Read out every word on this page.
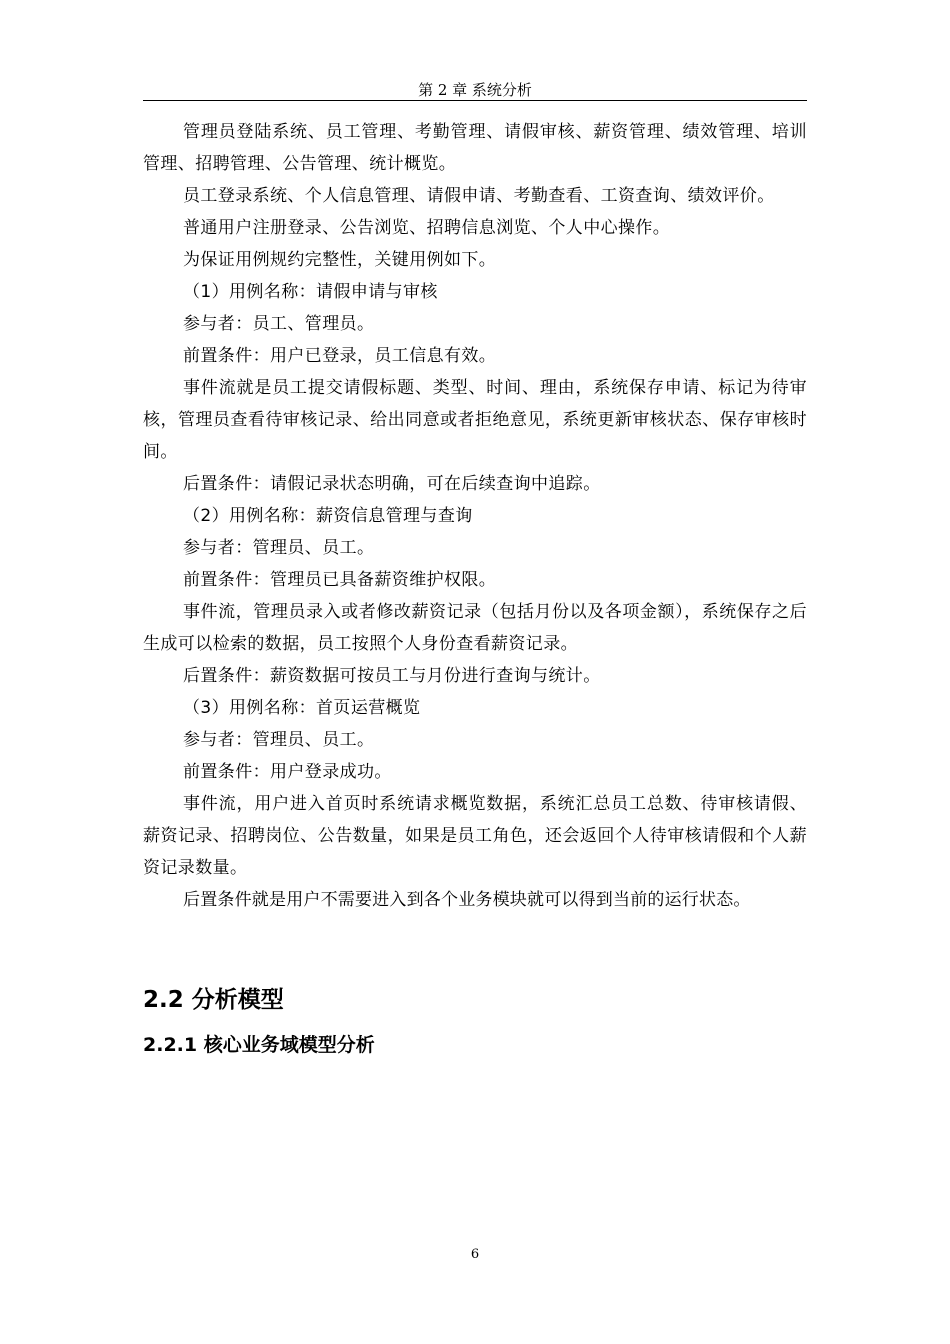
第 2 章 系统分析

管理员登陆系统、员工管理、考勤管理、请假审核、薪资管理、绩效管理、培训管理、招聘管理、公告管理、统计概览。

员工登录系统、个人信息管理、请假申请、考勤查看、工资查询、绩效评价。

普通用户注册登录、公告浏览、招聘信息浏览、个人中心操作。

为保证用例规约完整性，关键用例如下。

（1）用例名称：请假申请与审核

参与者：员工、管理员。

前置条件：用户已登录，员工信息有效。

事件流就是员工提交请假标题、类型、时间、理由，系统保存申请、标记为待审核，管理员查看待审核记录、给出同意或者拒绝意见，系统更新审核状态、保存审核时间。

后置条件：请假记录状态明确，可在后续查询中追踪。

（2）用例名称：薪资信息管理与查询

参与者：管理员、员工。

前置条件：管理员已具备薪资维护权限。

事件流，管理员录入或者修改薪资记录（包括月份以及各项金额），系统保存之后生成可以检索的数据，员工按照个人身份查看薪资记录。

后置条件：薪资数据可按员工与月份进行查询与统计。

（3）用例名称：首页运营概览

参与者：管理员、员工。

前置条件：用户登录成功。

事件流，用户进入首页时系统请求概览数据，系统汇总员工总数、待审核请假、薪资记录、招聘岗位、公告数量，如果是员工角色，还会返回个人待审核请假和个人薪资记录数量。

后置条件就是用户不需要进入到各个业务模块就可以得到当前的运行状态。

2.2 分析模型
2.2.1 核心业务域模型分析
6
